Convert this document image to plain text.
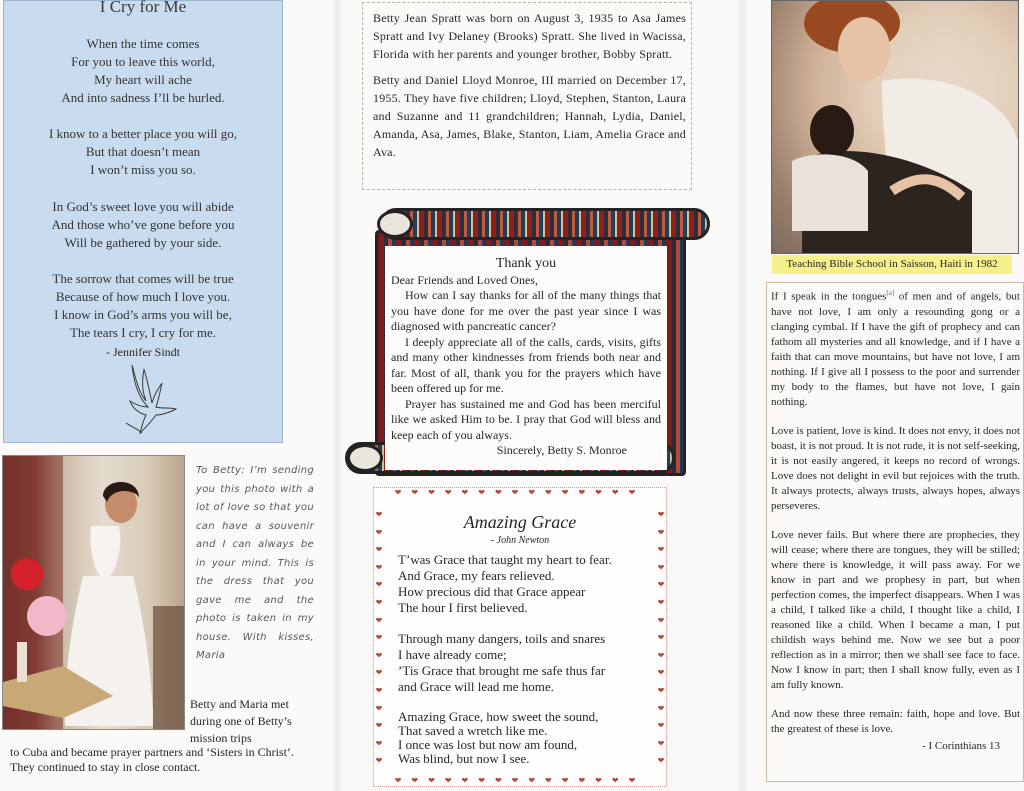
I Cry for Me
When the time comes
For you to leave this world,
My heart will ache
And into sadness I’ll be hurled.
I know to a better place you will go,
But that doesn’t mean
I won’t miss you so.
In God’s sweet love you will abide
And those who’ve gone before you
Will be gathered by your side.
The sorrow that comes will be true
Because of how much I love you.
I know in God’s arms you will be,
The tears I cry, I cry for me.
- Jennifer Sindt
To Betty: I’m sending you this photo with a lot of love so that you can have a souvenir and I can always be in your mind. This is the dress that you gave me and the photo is taken in my house. With kisses, Maria
Betty and Maria met during one of Betty’s mission trips
to Cuba and became prayer partners and ‘Sisters in Christ’. They continued to stay in close contact.

Betty Jean Spratt was born on August 3, 1935 to Asa James Spratt and Ivy Delaney (Brooks) Spratt. She lived in Wacissa, Florida with her parents and younger brother, Bobby Spratt.

Betty and Daniel Lloyd Monroe, III married on December 17, 1955. They have five children; Lloyd, Stephen, Stanton, Laura and Suzanne and 11 grandchildren; Hannah, Lydia, Daniel, Amanda, Asa, James, Blake, Stanton, Liam, Amelia Grace and Ava.

Thank you

Dear Friends and Loved Ones,

How can I say thanks for all of the many things that you have done for me over the past year since I was diagnosed with pancreatic cancer?

I deeply appreciate all of the calls, cards, visits, gifts and many other kindnesses from friends both near and far. Most of all, thank you for the prayers which have been offered up for me.

Prayer has sustained me and God has been merciful like we asked Him to be. I pray that God will bless and keep each of you always.

Sincerely, Betty S. Monroe

❤❤❤❤❤❤❤❤❤❤❤❤❤❤❤
❤❤❤❤❤❤❤❤❤❤❤❤❤❤❤
❤
❤
❤
❤
❤
❤
❤
❤
❤
❤
❤
❤
❤
❤
❤
❤
❤
❤
❤
❤
❤
❤
❤
❤
❤
❤
❤
❤
❤
❤
Amazing Grace
- John Newton
T’was Grace that taught my heart to fear.
And Grace, my fears relieved.
How precious did that Grace appear
The hour I first believed.
Through many dangers, toils and snares
I have already come;
’Tis Grace that brought me safe thus far
and Grace will lead me home.
Amazing Grace, how sweet the sound,
That saved a wretch like me.
I once was lost but now am found,
Was blind, but now I see.
Teaching Bible School in Saisson, Haiti in 1982

If I speak in the tongues[a] of men and of angels, but have not love, I am only a resounding gong or a clanging cymbal. If I have the gift of prophecy and can fathom all mysteries and all knowledge, and if I have a faith that can move mountains, but have not love, I am nothing. If I give all I possess to the poor and surrender my body to the flames, but have not love, I gain nothing.

Love is patient, love is kind. It does not envy, it does not boast, it is not proud. It is not rude, it is not self-seeking, it is not easily angered, it keeps no record of wrongs. Love does not delight in evil but rejoices with the truth. It always protects, always trusts, always hopes, always perseveres.

Love never fails. But where there are prophecies, they will cease; where there are tongues, they will be stilled; where there is knowledge, it will pass away. For we know in part and we prophesy in part, but when perfection comes, the imperfect disappears. When I was a child, I talked like a child, I thought like a child, I reasoned like a child. When I became a man, I put childish ways behind me. Now we see but a poor reflection as in a mirror; then we shall see face to face. Now I know in part; then I shall know fully, even as I am fully known.

And now these three remain: faith, hope and love. But the greatest of these is love.

- I Corinthians 13
